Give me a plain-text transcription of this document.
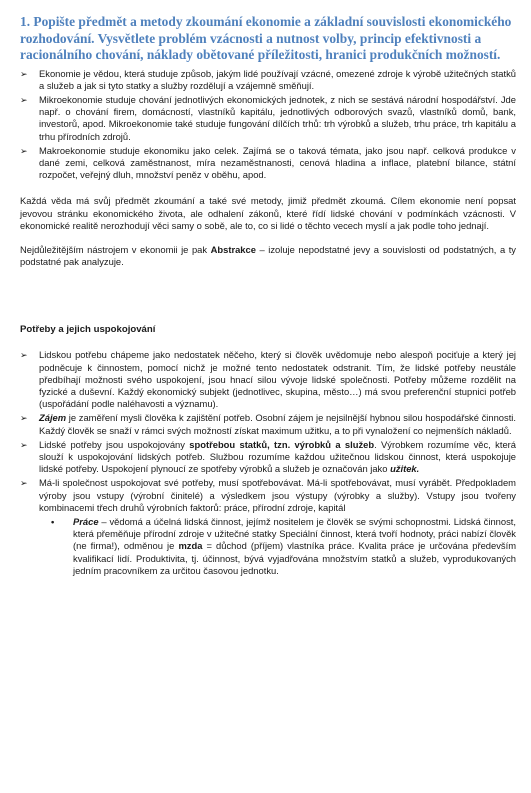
1. Popište předmět a metody zkoumání ekonomie a základní souvislosti ekonomického rozhodování. Vysvětlete problém vzácnosti a nutnost volby, princip efektivnosti a racionálního chování, náklady obětované příležitosti, hranici produkčních možností.
➢ Ekonomie je vědou, která studuje způsob, jakým lidé používají vzácné, omezené zdroje k výrobě užitečných statků a služeb a jak si tyto statky a služby rozdělují a vzájemně směňují.
➢ Mikroekonomie studuje chování jednotlivých ekonomických jednotek, z nich se sestává národní hospodářství. Jde např. o chování firem, domácností, vlastníků kapitálu, jednotlivých odborových svazů, vlastníků domů, bank, investorů, apod. Mikroekonomie také studuje fungování dílčích trhů: trh výrobků a služeb, trhu práce, trh kapitálu a trhu přírodních zdrojů.
➢ Makroekonomie studuje ekonomiku jako celek. Zajímá se o taková témata, jako jsou např. celková produkce v dané zemi, celková zaměstnanost, míra nezaměstnanosti, cenová hladina a inflace, platební bilance, státní rozpočet, veřejný dluh, množství peněz v oběhu, apod.

Každá věda má svůj předmět zkoumání a také své metody, jimiž předmět zkoumá. Cílem ekonomie není popsat jevovou stránku ekonomického života, ale odhalení zákonů, které řídí lidské chování v podmínkách vzácnosti. V ekonomické realitě nerozhodují věci samy o sobě, ale to, co si lidé o těchto vecech myslí a jak podle toho jednají.

Nejdůležitějším nástrojem v ekonomii je pak Abstrakce – izoluje nepodstatné jevy a souvislosti od podstatných, a ty podstatné pak analyzuje.

Potřeby a jejich uspokojování
➢ Lidskou potřebu chápeme jako nedostatek něčeho, který si člověk uvědomuje nebo alespoň pociťuje a který jej podněcuje k činnostem, pomocí nichž je možné tento nedostatek odstranit. Tím, že lidské potřeby neustále předbíhají možnosti svého uspokojení, jsou hnací silou vývoje lidské společnosti. Potřeby můžeme rozdělit na fyzické a duševní. Každý ekonomický subjekt (jednotlivec, skupina, město…) má svou preferenční stupnici potřeb (uspořádání podle naléhavosti a významu).
➢ Zájem je zaměření mysli člověka k zajištění potřeb. Osobní zájem je nejsilnější hybnou silou hospodářské činnosti. Každý člověk se snaží v rámci svých možností získat maximum užitku, a to při vynaložení co nejmenších nákladů.
➢ Lidské potřeby jsou uspokojovány spotřebou statků, tzn. výrobků a služeb. Výrobkem rozumíme věc, která slouží k uspokojování lidských potřeb. Službou rozumíme každou užitečnou lidskou činnost, která uspokojuje lidské potřeby. Uspokojení plynoucí ze spotřeby výrobků a služeb je označován jako užitek.
➢ Má-li společnost uspokojovat své potřeby, musí spotřebovávat. Má-li spotřebovávat, musí vyrábět. Předpokladem výroby jsou vstupy (výrobní činitelé) a výsledkem jsou výstupy (výrobky a služby). Vstupy jsou tvořeny kombinacemi třech druhů výrobních faktorů: práce, přírodní zdroje, kapitál
• Práce – vědomá a účelná lidská činnost, jejímž nositelem je člověk se svými schopnostmi. Lidská činnost, která přeměňuje přírodní zdroje v užitečné statky Speciální činnost, která tvoří hodnoty, práci nabízí člověk (ne firma!), odměnou je mzda = důchod (příjem) vlastníka práce. Kvalita práce je určována především kvalifikací lidí. Produktivita, tj. účinnost, bývá vyjadřována množstvím statků a služeb, vyprodukovaných jedním pracovníkem za určitou časovou jednotku.
